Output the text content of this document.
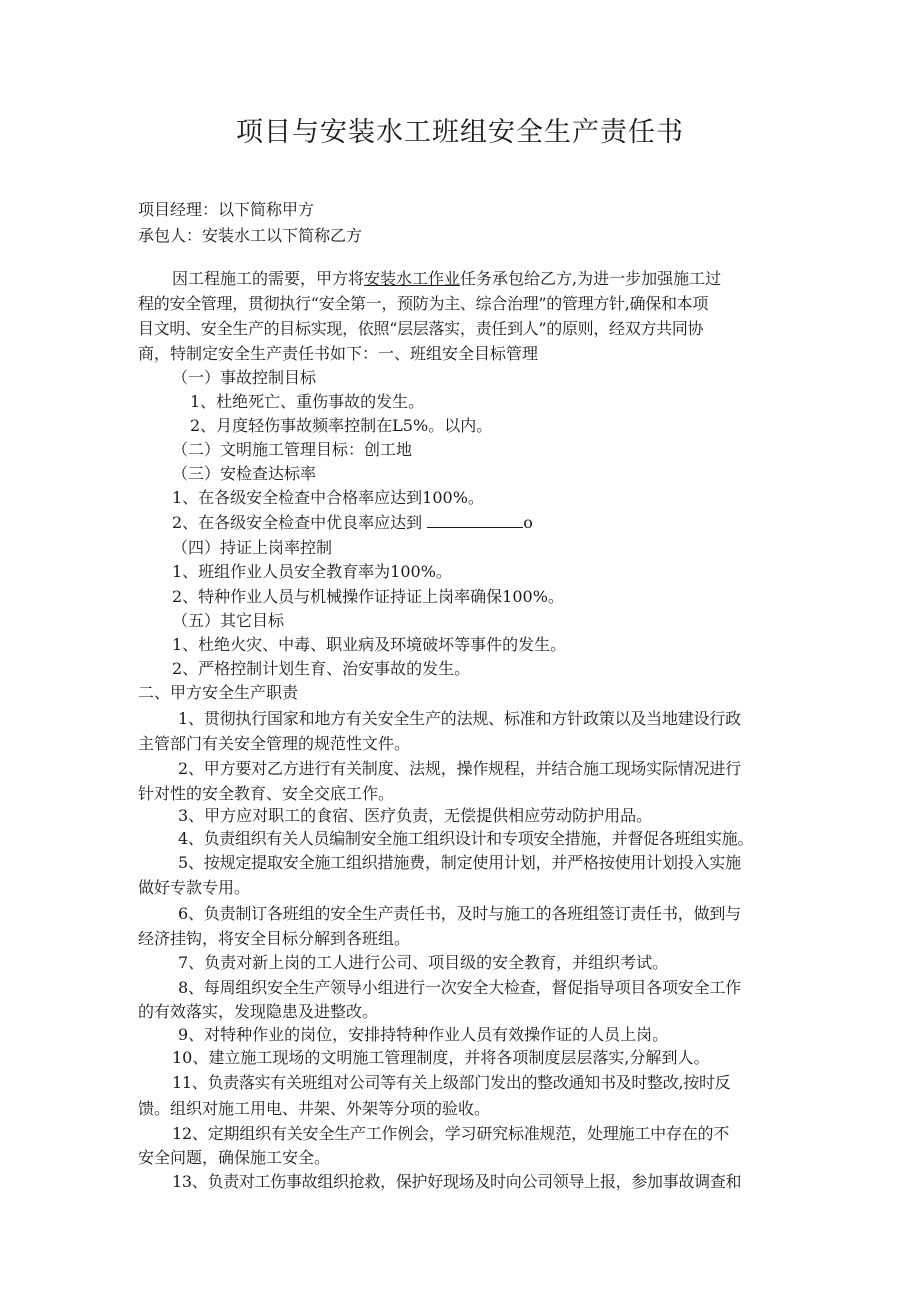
项目与安装水工班组安全生产责任书
项目经理：以下简称甲方
承包人：安装水工以下简称乙方
因工程施工的需要，甲方将安装水工作业任务承包给乙方,为进一步加强施工过
程的安全管理，贯彻执行“安全第一，预防为主、综合治理”的管理方针,确保和本项
目文明、安全生产的目标实现，依照“层层落实，责任到人”的原则，经双方共同协
商，特制定安全生产责任书如下：一、班组安全目标管理
（一）事故控制目标
1、杜绝死亡、重伤事故的发生。
2、月度轻伤事故频率控制在L5%。以内。
（二）文明施工管理目标：创工地
（三）安检查达标率
1、在各级安全检查中合格率应达到100%。
2、在各级安全检查中优良率应达到	o
（四）持证上岗率控制
1、班组作业人员安全教育率为100%。
2、特种作业人员与机械操作证持证上岗率确保100%。
（五）其它目标
1、杜绝火灾、中毒、职业病及环境破坏等事件的发生。
2、严格控制计划生育、治安事故的发生。
二、甲方安全生产职责
1、贯彻执行国家和地方有关安全生产的法规、标准和方针政策以及当地建设行政
主管部门有关安全管理的规范性文件。
2、甲方要对乙方进行有关制度、法规，操作规程，并结合施工现场实际情况进行
针对性的安全教育、安全交底工作。
3、甲方应对职工的食宿、医疗负责，无偿提供相应劳动防护用品。
4、负责组织有关人员编制安全施工组织设计和专项安全措施，并督促各班组实施。
5、按规定提取安全施工组织措施费，制定使用计划，并严格按使用计划投入实施
做好专款专用。
6、负责制订各班组的安全生产责任书，及时与施工的各班组签订责任书，做到与
经济挂钩，将安全目标分解到各班组。
7、负责对新上岗的工人进行公司、项目级的安全教育，并组织考试。
8、每周组织安全生产领导小组进行一次安全大检查，督促指导项目各项安全工作
的有效落实，发现隐患及进整改。
9、对特种作业的岗位，安排持特种作业人员有效操作证的人员上岗。
10、建立施工现场的文明施工管理制度，并将各项制度层层落实,分解到人。
11、负责落实有关班组对公司等有关上级部门发出的整改通知书及时整改,按时反
馈。组织对施工用电、井架、外架等分项的验收。
12、定期组织有关安全生产工作例会，学习研究标准规范，处理施工中存在的不
安全问题，确保施工安全。
13、负责对工伤事故组织抢救，保护好现场及时向公司领导上报，参加事故调查和
